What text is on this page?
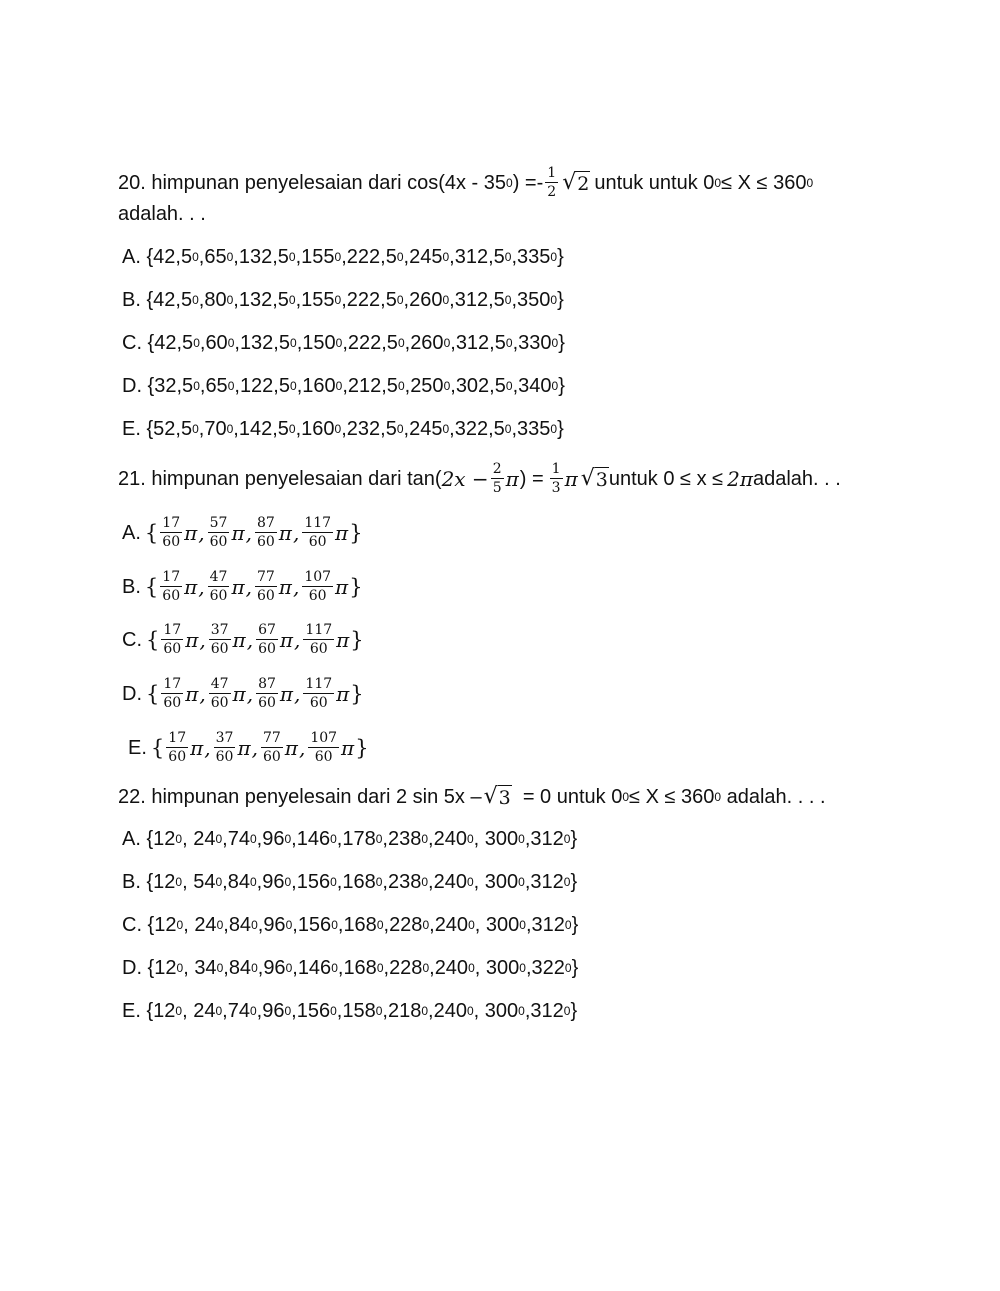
20. himpunan penyelesaian dari cos(4x - 35 0 ) =- $\frac{1}{2}$ √ 2 untuk untuk 0 0 ≤ X ≤ 360 0
adalah. . .
A. { 42,5 0 , 65 0 , 132,5 0 , 155 0 , 222,5 0 , 245 0 , 312,5 0 , 335 0 }
B. { 42,5 0 , 80 0 , 132,5 0 , 155 0 , 222,5 0 , 260 0 , 312,5 0 , 350 0 }
C. { 42,5 0 , 60 0 , 132,5 0 , 150 0 , 222,5 0 , 260 0 , 312,5 0 , 330 0 }
D. { 32,5 0 , 65 0 , 122,5 0 , 160 0 , 212,5 0 , 250 0 , 302,5 0 , 340 0 }
E. { 52,5 0 , 70 0 , 142,5 0 , 160 0 , 232,5 0 , 245 0 , 322,5 0 , 335 0 }
21. himpunan penyelesaian dari tan( $2x - \frac{2}{5}$ π ) = $\frac{1}{3}$ π √ 3 untuk 0 ≤ x ≤ 2π adalah. . .
A. { $\frac{17}{60}$ π , $\frac{57}{60}$ π , $\frac{87}{60}$ π , $\frac{117}{60}$ π }
B. { $\frac{17}{60}$ π , $\frac{47}{60}$ π , $\frac{77}{60}$ π , $\frac{107}{60}$ π }
C. { $\frac{17}{60}$ π , $\frac{37}{60}$ π , $\frac{67}{60}$ π , $\frac{117}{60}$ π }
D. { $\frac{17}{60}$ π , $\frac{47}{60}$ π , $\frac{87}{60}$ π , $\frac{117}{60}$ π }
E. { $\frac{17}{60}$ π , $\frac{37}{60}$ π , $\frac{77}{60}$ π , $\frac{107}{60}$ π }
22. himpunan penyelesain dari 2 sin 5x – √ 3 = 0 untuk 0 0 ≤ X ≤ 360 0 adalah. . . .
A. { 12 0 , 24 0 , 74 0 , 96 0 , 146 0 , 178 0 , 238 0 , 240 0 , 300 0 , 312 0 }
B. { 12 0 , 54 0 , 84 0 , 96 0 , 156 0 , 168 0 , 238 0 , 240 0 , 300 0 , 312 0 }
C. { 12 0 , 24 0 , 84 0 , 96 0 , 156 0 , 168 0 , 228 0 , 240 0 , 300 0 , 312 0 }
D. { 12 0 , 34 0 , 84 0 , 96 0 , 146 0 , 168 0 , 228 0 , 240 0 , 300 0 , 322 0 }
E. { 12 0 , 24 0 , 74 0 , 96 0 , 156 0 , 158 0 , 218 0 , 240 0 , 300 0 , 312 0 }
